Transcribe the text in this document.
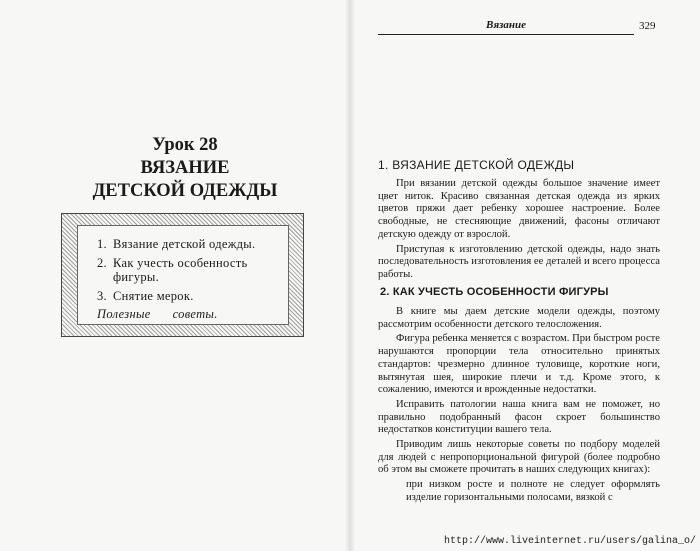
Урок 28
ВЯЗАНИЕ
ДЕТСКОЙ ОДЕЖДЫ
1. Вязание детской одежды.
2. Как учесть особенность
фигуры.
3. Снятие мерок.
Полезные советы.
Вязание	329
1. ВЯЗАНИЕ ДЕТСКОЙ ОДЕЖДЫ
При вязании детской одежды большое значение имеет цвет ниток. Красиво связанная детская одежда из ярких цветов пряжи дает ребенку хорошее настроение. Более свободные, не стесняющие движений, фасоны отличают детскую одежду от взрослой.
Приступая к изготовлению детской одежды, надо знать последовательность изготовления ее деталей и всего процесса работы.
2. КАК УЧЕСТЬ ОСОБЕННОСТИ ФИГУРЫ
В книге мы даем детские модели одежды, поэтому рассмотрим особенности детского телосложения.
Фигура ребенка меняется с возрастом. При быстром росте нарушаются пропорции тела относительно принятых стандартов: чрезмерно длинное туловище, короткие ноги, вытянутая шея, широкие плечи и т.д. Кроме этого, к сожалению, имеются и врожденные недостатки.
Исправить патологии наша книга вам не поможет, но правильно подобранный фасон скроет большинство недостатков конституции вашего тела.
Приводим лишь некоторые советы по подбору моделей для людей с непропорциональной фигурой (более подробно об этом вы сможете прочитать в наших следующих книгах):
при низком росте и полноте не следует оформлять изделие горизонтальными полосами, вязкой с
http://www.liveinternet.ru/users/galina_o/
